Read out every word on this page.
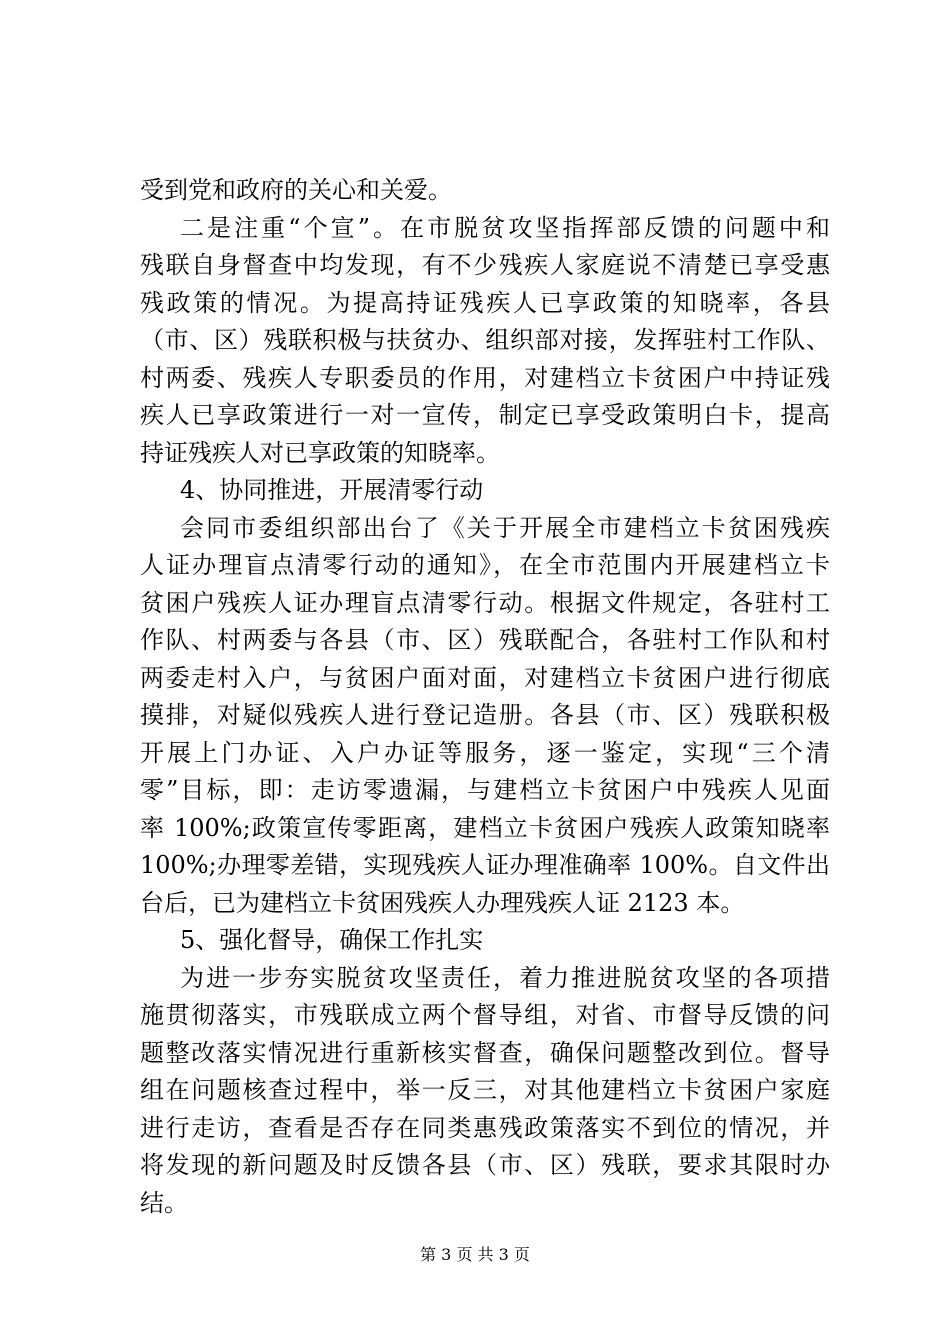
受到党和政府的关心和关爱。
二是注重“个宣”。在市脱贫攻坚指挥部反馈的问题中和
残联自身督查中均发现，有不少残疾人家庭说不清楚已享受惠
残政策的情况。为提高持证残疾人已享政策的知晓率，各县
（市、区）残联积极与扶贫办、组织部对接，发挥驻村工作队、
村两委、残疾人专职委员的作用，对建档立卡贫困户中持证残
疾人已享政策进行一对一宣传，制定已享受政策明白卡，提高
持证残疾人对已享政策的知晓率。
4、协同推进，开展清零行动
会同市委组织部出台了《关于开展全市建档立卡贫困残疾
人证办理盲点清零行动的通知》，在全市范围内开展建档立卡
贫困户残疾人证办理盲点清零行动。根据文件规定，各驻村工
作队、村两委与各县（市、区）残联配合，各驻村工作队和村
两委走村入户，与贫困户面对面，对建档立卡贫困户进行彻底
摸排，对疑似残疾人进行登记造册。各县（市、区）残联积极
开展上门办证、入户办证等服务，逐一鉴定，实现“三个清
零”目标，即：走访零遗漏，与建档立卡贫困户中残疾人见面
率 100%;政策宣传零距离，建档立卡贫困户残疾人政策知晓率
100%;办理零差错，实现残疾人证办理准确率 100%。自文件出
台后，已为建档立卡贫困残疾人办理残疾人证 2123 本。
5、强化督导，确保工作扎实
为进一步夯实脱贫攻坚责任，着力推进脱贫攻坚的各项措
施贯彻落实，市残联成立两个督导组，对省、市督导反馈的问
题整改落实情况进行重新核实督查，确保问题整改到位。督导
组在问题核查过程中，举一反三，对其他建档立卡贫困户家庭
进行走访，查看是否存在同类惠残政策落实不到位的情况，并
将发现的新问题及时反馈各县（市、区）残联，要求其限时办
结。
第 3 页 共 3 页
